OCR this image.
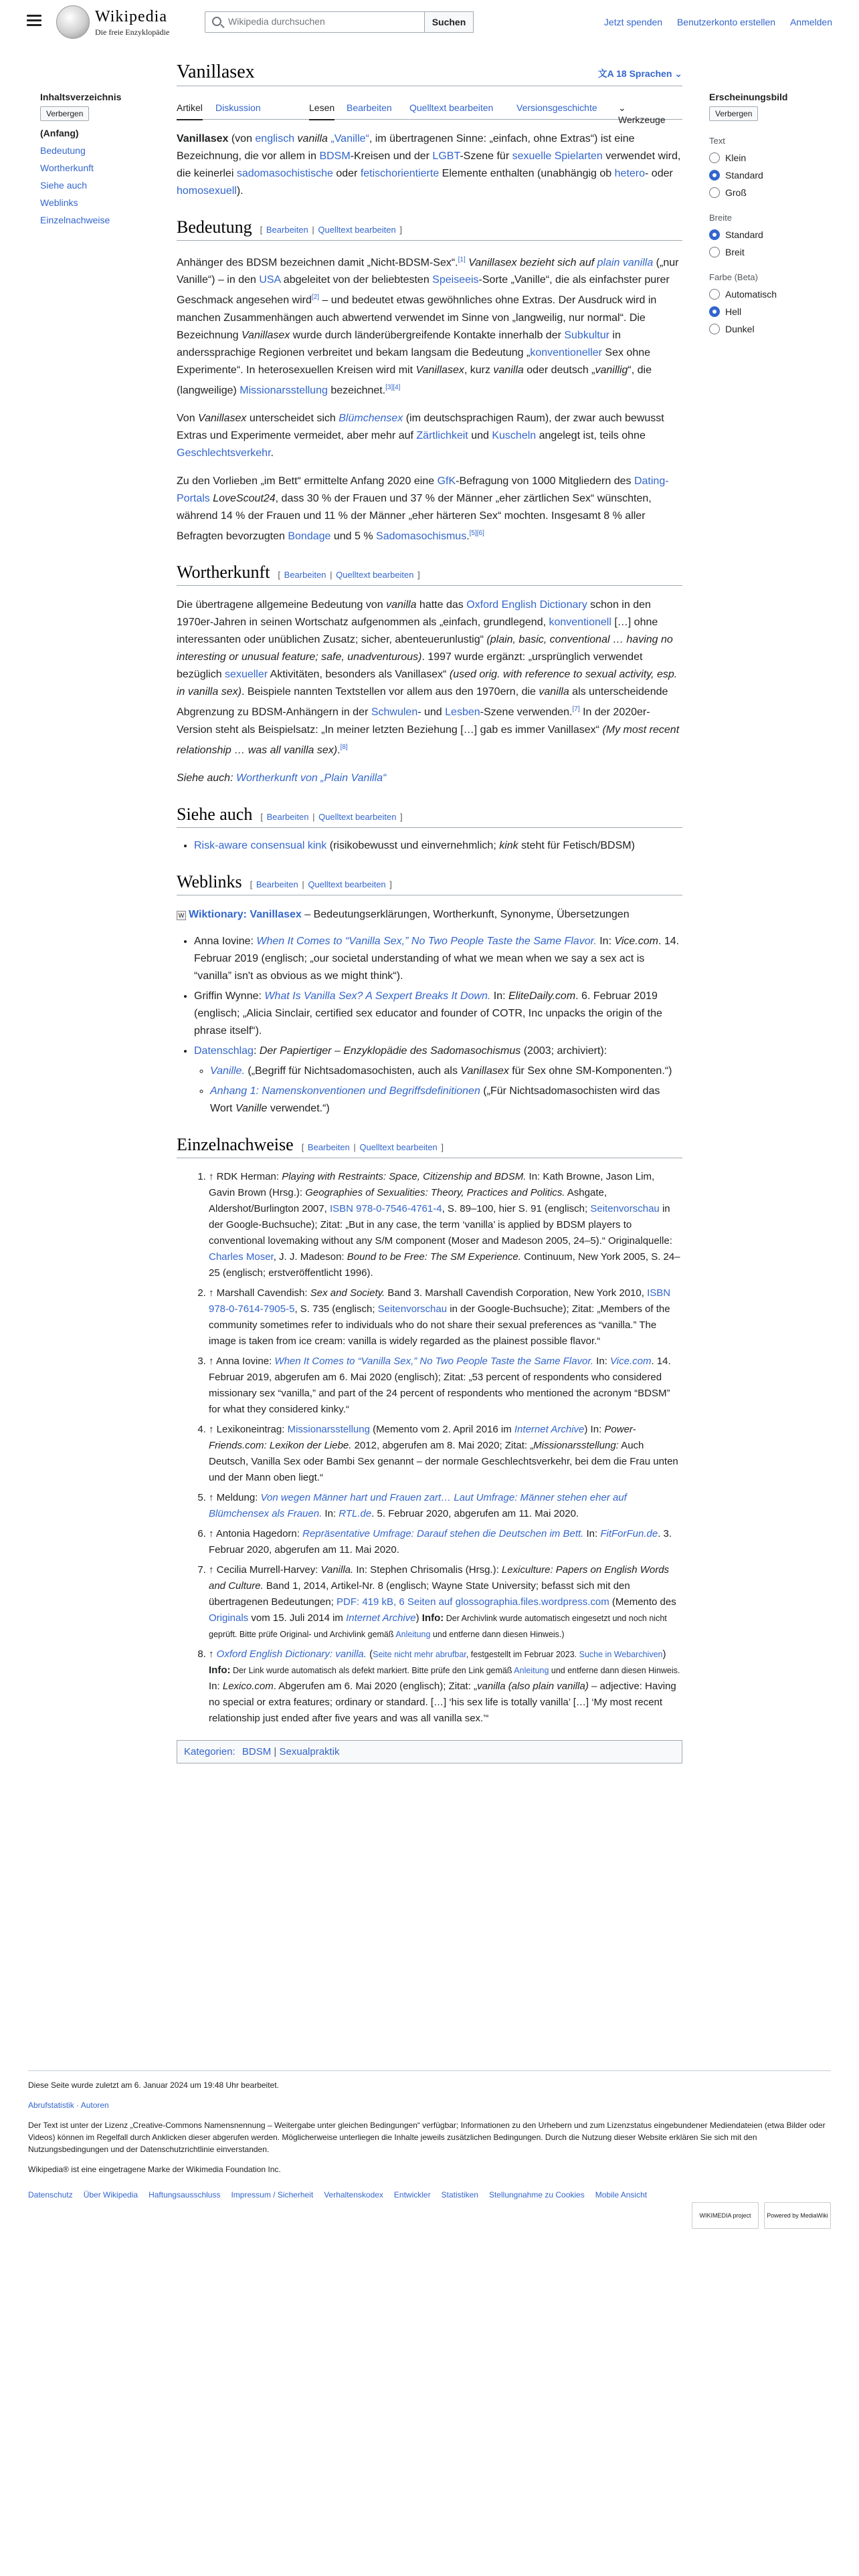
Wikipedia
Die freie Enzyklopädie
Wikipedia durchsuchen
Suchen	Jetzt spenden Benutzerkonto erstellen Anmelden
Inhaltsverzeichnis
Verbergen
(Anfang)
Bedeutung
Wortherkunft
Siehe auch
Weblinks
Einzelnachweise
Vanillasex	文A 18 Sprachen ⌄
Artikel Diskussion	Lesen Bearbeiten Quelltext bearbeiten Versionsgeschichte
Werkzeuge
⌄

Vanillasex (von englisch vanilla „Vanille“, im übertragenen Sinne: „einfach, ohne Extras“) ist eine Bezeichnung, die vor allem in BDSM-Kreisen und der LGBT-Szene für sexuelle Spielarten verwendet wird, die keinerlei sadomasochistische oder fetischorientierte Elemente enthalten (unabhängig ob hetero- oder homosexuell).

Bedeutung [ Bearbeiten | Quelltext bearbeiten ]

Anhänger des BDSM bezeichnen damit „Nicht-BDSM-Sex“.[1] Vanillasex bezieht sich auf plain vanilla („nur Vanille“) – in den USA abgeleitet von der beliebtesten Speiseeis-Sorte „Vanille“, die als einfachster purer Geschmack angesehen wird[2] – und bedeutet etwas gewöhnliches ohne Extras. Der Ausdruck wird in manchen Zusammenhängen auch abwertend verwendet im Sinne von „langweilig, nur normal“. Die Bezeichnung Vanillasex wurde durch länderübergreifende Kontakte innerhalb der Subkultur in anderssprachige Regionen verbreitet und bekam langsam die Bedeutung „konventioneller Sex ohne Experimente“. In heterosexuellen Kreisen wird mit Vanillasex, kurz vanilla oder deutsch „vanillig“, die (langweilige) Missionarsstellung bezeichnet.[3][4]

Von Vanillasex unterscheidet sich Blümchensex (im deutschsprachigen Raum), der zwar auch bewusst Extras und Experimente vermeidet, aber mehr auf Zärtlichkeit und Kuscheln angelegt ist, teils ohne Geschlechtsverkehr.

Zu den Vorlieben „im Bett“ ermittelte Anfang 2020 eine GfK-Befragung von 1000 Mitgliedern des Dating-Portals LoveScout24, dass 30 % der Frauen und 37 % der Männer „eher zärtlichen Sex“ wünschten, während 14 % der Frauen und 11 % der Männer „eher härteren Sex“ mochten. Insgesamt 8 % aller Befragten bevorzugten Bondage und 5 % Sadomasochismus.[5][6]

Wortherkunft [ Bearbeiten | Quelltext bearbeiten ]

Die übertragene allgemeine Bedeutung von vanilla hatte das Oxford English Dictionary schon in den 1970er-Jahren in seinen Wortschatz aufgenommen als „einfach, grundlegend, konventionell […] ohne interessanten oder unüblichen Zusatz; sicher, abenteuerunlustig“ (plain, basic, conventional … having no interesting or unusual feature; safe, unadventurous). 1997 wurde ergänzt: „ursprünglich verwendet bezüglich sexueller Aktivitäten, besonders als Vanillasex“ (used orig. with reference to sexual activity, esp. in vanilla sex). Beispiele nannten Textstellen vor allem aus den 1970ern, die vanilla als unterscheidende Abgrenzung zu BDSM-Anhängern in der Schwulen- und Lesben-Szene verwenden.[7] In der 2020er-Version steht als Beispielsatz: „In meiner letzten Beziehung […] gab es immer Vanillasex“ (My most recent relationship … was all vanilla sex).[8]

Siehe auch: Wortherkunft von „Plain Vanilla“

Siehe auch [ Bearbeiten | Quelltext bearbeiten ]
• Risk-aware consensual kink (risikobewusst und einvernehmlich; kink steht für Fetisch/BDSM)
Weblinks [ Bearbeiten | Quelltext bearbeiten ]

W Wiktionary: Vanillasex – Bedeutungserklärungen, Wortherkunft, Synonyme, Übersetzungen

• Anna Iovine: When It Comes to “Vanilla Sex,” No Two People Taste the Same Flavor. In: Vice.com. 14. Februar 2019 (englisch; „our societal understanding of what we mean when we say a sex act is “vanilla” isn't as obvious as we might think“).
• Griffin Wynne: What Is Vanilla Sex? A Sexpert Breaks It Down. In: EliteDaily.com. 6. Februar 2019 (englisch; „Alicia Sinclair, certified sex educator and founder of COTR, Inc unpacks the origin of the phrase itself“).
• Datenschlag: Der Papiertiger – Enzyklopädie des Sadomasochismus (2003; archiviert):
◦ Vanille. („Begriff für Nichtsadomasochisten, auch als Vanillasex für Sex ohne SM-Komponenten.“)
◦ Anhang 1: Namenskonventionen und Begriffsdefinitionen („Für Nichtsadomasochisten wird das Wort Vanille verwendet.“)
Einzelnachweise [ Bearbeiten | Quelltext bearbeiten ]
1. ↑ RDK Herman: Playing with Restraints: Space, Citizenship and BDSM. In: Kath Browne, Jason Lim, Gavin Brown (Hrsg.): Geographies of Sexualities: Theory, Practices and Politics. Ashgate, Aldershot/Burlington 2007, ISBN 978-0-7546-4761-4, S. 89–100, hier S. 91 (englisch; Seitenvorschau in der Google-Buchsuche); Zitat: „But in any case, the term ‘vanilla’ is applied by BDSM players to conventional lovemaking without any S/M component (Moser and Madeson 2005, 24–5).“ Originalquelle: Charles Moser, J. J. Madeson: Bound to be Free: The SM Experience. Continuum, New York 2005, S. 24–25 (englisch; erstveröffentlicht 1996).
2. ↑ Marshall Cavendish: Sex and Society. Band 3. Marshall Cavendish Corporation, New York 2010, ISBN 978-0-7614-7905-5, S. 735 (englisch; Seitenvorschau in der Google-Buchsuche); Zitat: „Members of the community sometimes refer to individuals who do not share their sexual preferences as “vanilla.” The image is taken from ice cream: vanilla is widely regarded as the plainest possible flavor.“
3. ↑ Anna Iovine: When It Comes to “Vanilla Sex,” No Two People Taste the Same Flavor. In: Vice.com. 14. Februar 2019, abgerufen am 6. Mai 2020 (englisch); Zitat: „53 percent of respondents who considered missionary sex “vanilla,” and part of the 24 percent of respondents who mentioned the acronym “BDSM” for what they considered kinky.“
4. ↑ Lexikoneintrag: Missionarsstellung (Memento vom 2. April 2016 im Internet Archive) In: Power-Friends.com: Lexikon der Liebe. 2012, abgerufen am 8. Mai 2020; Zitat: „Missionarsstellung: Auch Deutsch, Vanilla Sex oder Bambi Sex genannt – der normale Geschlechtsverkehr, bei dem die Frau unten und der Mann oben liegt.“
5. ↑ Meldung: Von wegen Männer hart und Frauen zart… Laut Umfrage: Männer stehen eher auf Blümchensex als Frauen. In: RTL.de. 5. Februar 2020, abgerufen am 11. Mai 2020.
6. ↑ Antonia Hagedorn: Repräsentative Umfrage: Darauf stehen die Deutschen im Bett. In: FitForFun.de. 3. Februar 2020, abgerufen am 11. Mai 2020.
7. ↑ Cecilia Murrell-Harvey: Vanilla. In: Stephen Chrisomalis (Hrsg.): Lexiculture: Papers on English Words and Culture. Band 1, 2014, Artikel-Nr. 8 (englisch; Wayne State University; befasst sich mit den übertragenen Bedeutungen; PDF: 419 kB, 6 Seiten auf glossographia.files.wordpress.com (Memento des Originals vom 15. Juli 2014 im Internet Archive) Info: Der Archivlink wurde automatisch eingesetzt und noch nicht geprüft. Bitte prüfe Original- und Archivlink gemäß Anleitung und entferne dann diesen Hinweis.)
8. ↑ Oxford English Dictionary: vanilla. (Seite nicht mehr abrufbar, festgestellt im Februar 2023. Suche in Webarchiven) Info: Der Link wurde automatisch als defekt markiert. Bitte prüfe den Link gemäß Anleitung und entferne dann diesen Hinweis. In: Lexico.com. Abgerufen am 6. Mai 2020 (englisch); Zitat: „vanilla (also plain vanilla) – adjective: Having no special or extra features; ordinary or standard. […] ‘his sex life is totally vanilla’ […] ‘My most recent relationship just ended after five years and was all vanilla sex.’“
Kategorien: BDSM | Sexualpraktik
Erscheinungsbild
Verbergen
Text
Klein
Standard
Groß
Breite
Standard
Breit
Farbe (Beta)
Automatisch
Hell
Dunkel
Diese Seite wurde zuletzt am 6. Januar 2024 um 19:48 Uhr bearbeitet.

Abrufstatistik · Autoren

Der Text ist unter der Lizenz „Creative-Commons Namensnennung – Weitergabe unter gleichen Bedingungen“ verfügbar; Informationen zu den Urhebern und zum Lizenzstatus eingebundener Mediendateien (etwa Bilder oder Videos) können im Regelfall durch Anklicken dieser abgerufen werden. Möglicherweise unterliegen die Inhalte jeweils zusätzlichen Bedingungen. Durch die Nutzung dieser Website erklären Sie sich mit den Nutzungsbedingungen und der Datenschutzrichtlinie einverstanden.

Wikipedia® ist eine eingetragene Marke der Wikimedia Foundation Inc.

Datenschutz Über Wikipedia Haftungsausschluss Impressum / Sicherheit Verhaltenskodex Entwickler Statistiken Stellungnahme zu Cookies Mobile Ansicht
WIKIMEDIA project	Powered by MediaWiki
